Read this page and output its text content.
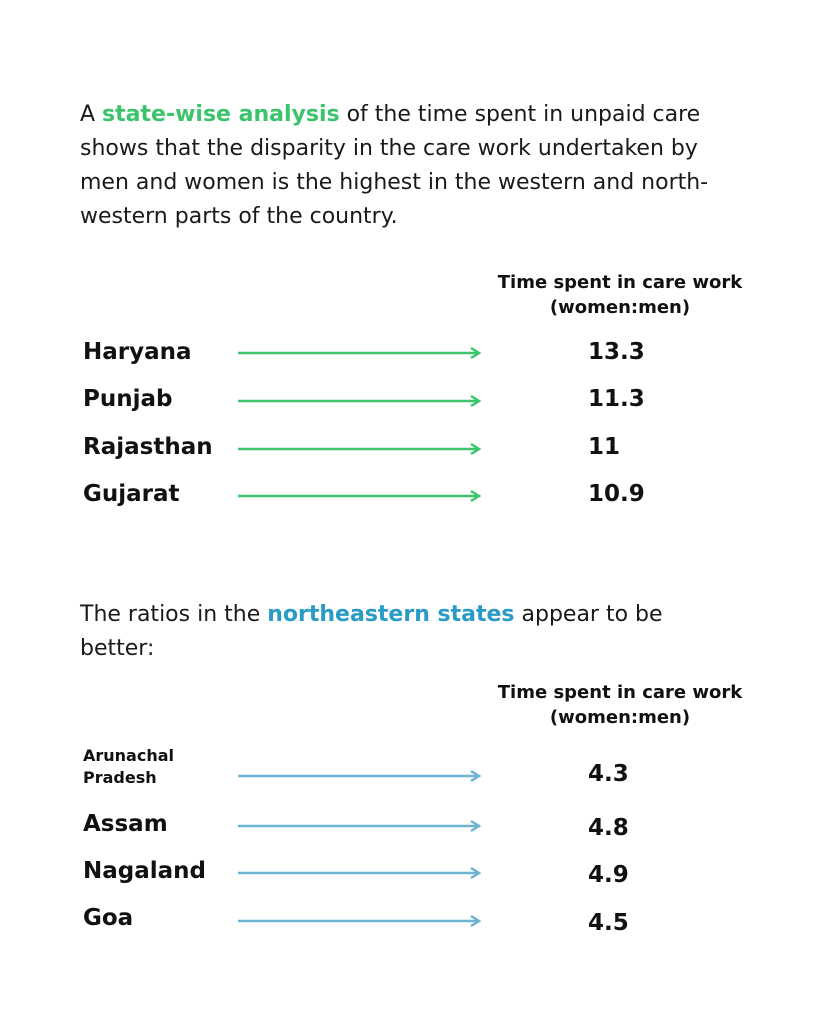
A state-wise analysis of the time spent in unpaid care shows that the disparity in the care work undertaken by men and women is the highest in the western and north-western parts of the country.

Time spent in care work
(women:men)
Haryana	13.3
Punjab	11.3
Rajasthan	11
Gujarat	10.9

The ratios in the northeastern states appear to be better:

Time spent in care work
(women:men)
Arunachal Pradesh	4.3
Assam	4.8
Nagaland	4.9
Goa	4.5
